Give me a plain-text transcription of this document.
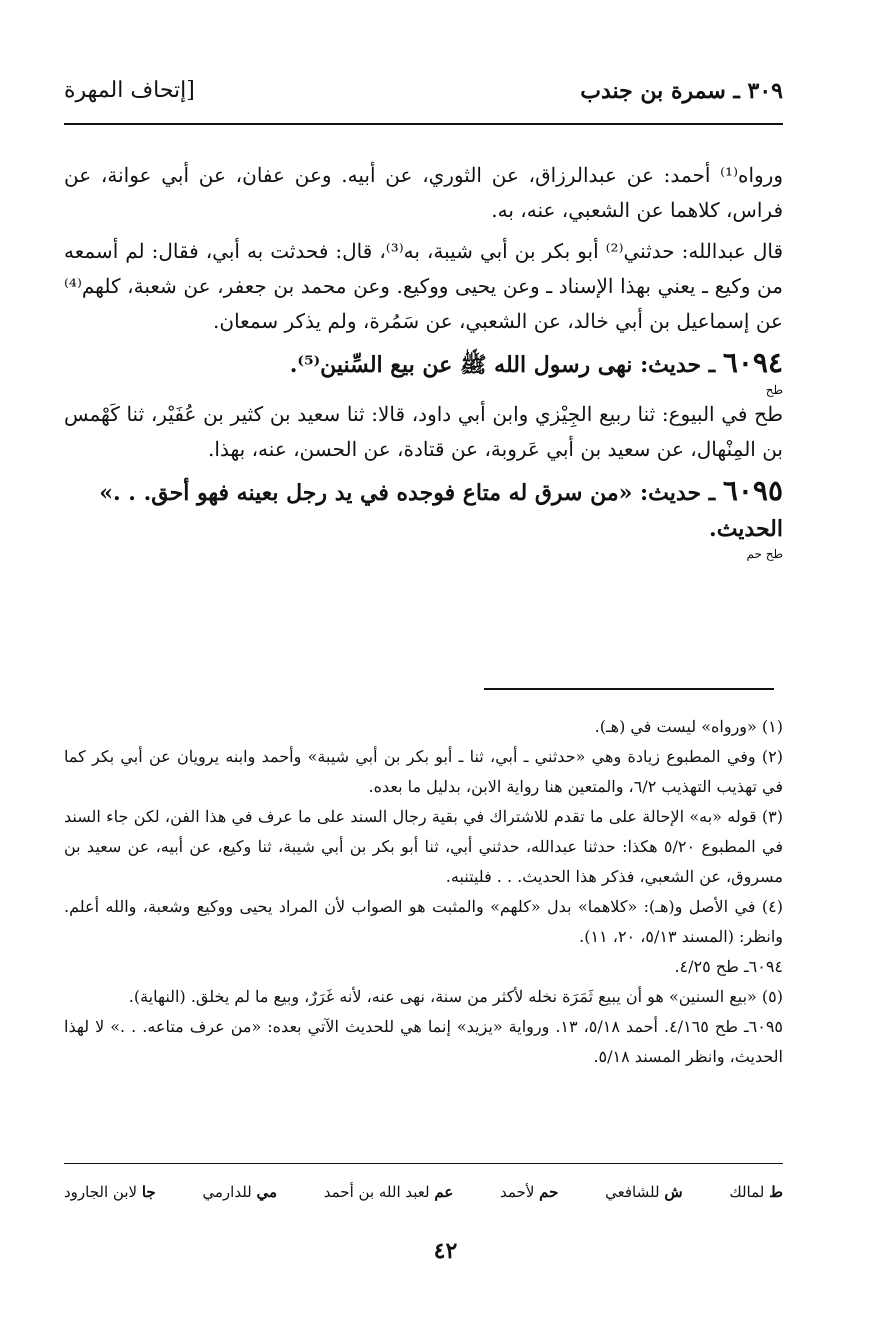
٣٠٩ ـ سمرة بن جندب
[إتحاف المهرة

ورواه⁽¹⁾ أحمد: عن عبدالرزاق، عن الثوري، عن أبيه. وعن عفان، عن أبي عوانة، عن فراس، كلاهما عن الشعبي، عنه، به.

قال عبدالله: حدثني⁽²⁾ أبو بكر بن أبي شيبة، به⁽³⁾، قال: فحدثت به أبي، فقال: لم أسمعه من وكيع ـ يعني بهذا الإسناد ـ وعن يحيى ووكيع. وعن محمد بن جعفر، عن شعبة، كلهم⁽⁴⁾ عن إسماعيل بن أبي خالد، عن الشعبي، عن سَمُرة، ولم يذكر سمعان.

٦٠٩٤ ـ حديث: نهى رسول الله ﷺ عن بيع السِّنين⁽⁵⁾.
طح

طح في البيوع: ثنا ربيع الجِيْزي وابن أبي داود، قالا: ثنا سعيد بن كثير بن عُفَيْر، ثنا كَهْمس بن المِنْهال، عن سعيد بن أبي عَروبة، عن قتادة، عن الحسن، عنه، بهذا.

٦٠٩٥ ـ حديث: «من سرق له متاع فوجده في يد رجل بعينه فهو أحق. . .» الحديث.
طح حم

(١) «ورواه» ليست في (هـ).

(٢) وفي المطبوع زيادة وهي «حدثني ـ أبي، ثنا ـ أبو بكر بن أبي شيبة» وأحمد وابنه يرويان عن أبي بكر كما في تهذيب التهذيب ٦/٢، والمتعين هنا رواية الابن، بدليل ما بعده.

(٣) قوله «به» الإحالة على ما تقدم للاشتراك في بقية رجال السند على ما عرف في هذا الفن، لكن جاء السند في المطبوع ٥/٢٠ هكذا: حدثنا عبدالله، حدثني أبي، ثنا أبو بكر بن أبي شيبة، ثنا وكيع، عن أبيه، عن سعيد بن مسروق، عن الشعبي، فذكر هذا الحديث. . . فليتنبه.

(٤) في الأصل و(هـ): «كلاهما» بدل «كلهم» والمثبت هو الصواب لأن المراد يحيى ووكيع وشعبة، والله أعلم. وانظر: (المسند ٥/١٣، ٢٠، ١١).

٦٠٩٤ـ طح ٤/٢٥.

(٥) «بيع السنين» هو أن يبيع ثَمَرَة نخله لأكثر من سنة، نهى عنه، لأنه غَرَرٌ، وبيع ما لم يخلق. (النهاية).

٦٠٩٥ـ طح ٤/١٦٥. أحمد ٥/١٨، ١٣. ورواية «يزيد» إنما هي للحديث الآتي بعده: «من عرف متاعه. . .» لا لهذا الحديث، وانظر المسند ٥/١٨.

ط لمالك
ش للشافعي
حم لأحمد
عم لعبد الله بن أحمد
مي للدارمي
جا لابن الجارود
٤٢
